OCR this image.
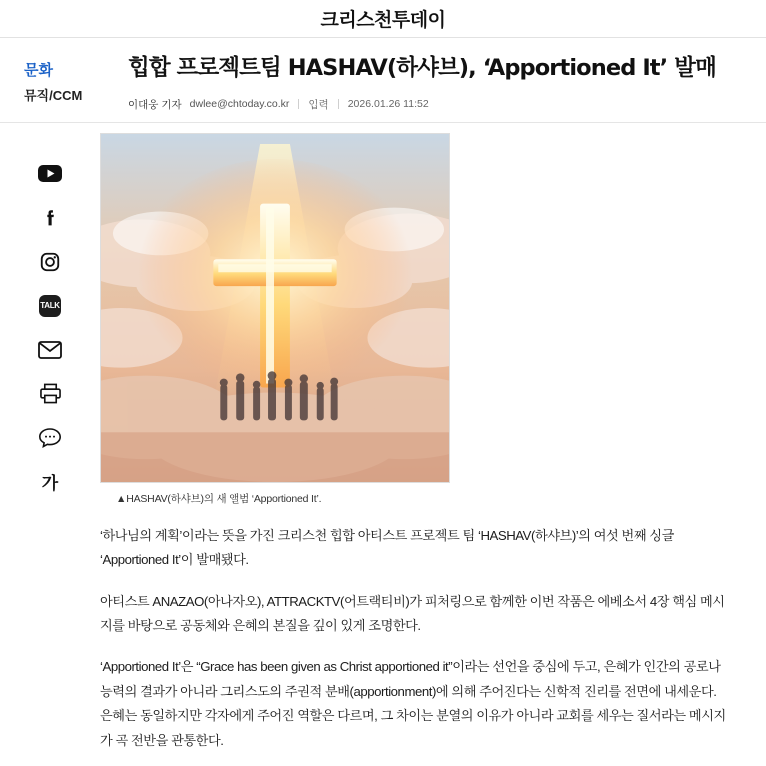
크리스천투데이
문화
뮤직/CCM
힙합 프로젝트팀 HASHAV(하샤브), ‘Apportioned It’ 발매
이대웅 기자 dwlee@chtoday.co.kr 입력 2026.01.26 11:52
TALK
가
▲HASHAV(하샤브)의 새 앨범 ‘Apportioned It’.

‘하나님의 계획’이라는 뜻을 가진 크리스천 힙합 아티스트 프로젝트 팀 ‘HASHAV(하샤브)’의 여섯 번째 싱글 ‘Apportioned It’이 발매됐다.

아티스트 ANAZAO(아나자오), ATTRACKTV(어트랙티비)가 피처링으로 함께한 이번 작품은 에베소서 4장 핵심 메시지를 바탕으로 공동체와 은혜의 본질을 깊이 있게 조명한다.

‘Apportioned It’은 “Grace has been given as Christ apportioned it”이라는 선언을 중심에 두고, 은혜가 인간의 공로나 능력의 결과가 아니라 그리스도의 주권적 분배(apportionment)에 의해 주어진다는 신학적 진리를 전면에 내세운다. 은혜는 동일하지만 각자에게 주어진 역할은 다르며, 그 차이는 분열의 이유가 아니라 교회를 세우는 질서라는 메시지가 곡 전반을 관통한다.
